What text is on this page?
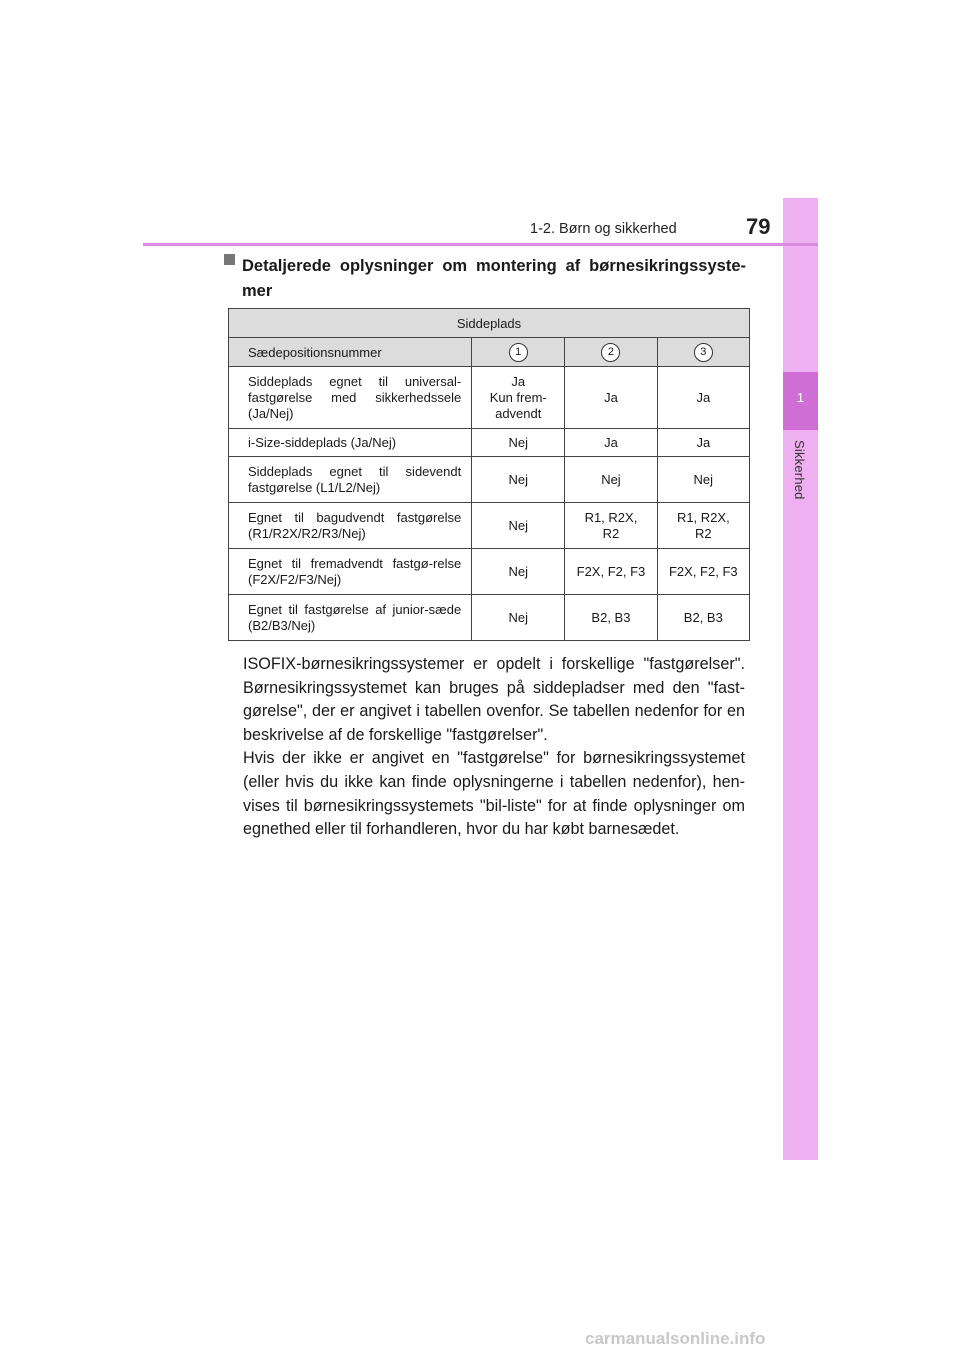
1
Sikkerhed
1-2. Børn og sikkerhed	79
Detaljerede oplysninger om montering af børnesikringssyste-
mer
Siddeplads			
Sædepositionsnummer	1	2	3
Siddeplads egnet til universal-fastgørelse med sikkerhedssele (Ja/Nej)	Ja
Kun frem-
advendt	Ja	Ja
i-Size-siddeplads (Ja/Nej)	Nej	Ja	Ja
Siddeplads egnet til sidevendt fastgørelse (L1/L2/Nej)	Nej	Nej	Nej
Egnet til bagudvendt fastgørelse (R1/R2X/R2/R3/Nej)	Nej	R1, R2X,
R2	R1, R2X,
R2
Egnet til fremadvendt fastgø-relse (F2X/F2/F3/Nej)	Nej	F2X, F2, F3	F2X, F2, F3
Egnet til fastgørelse af junior-sæde (B2/B3/Nej)	Nej	B2, B3	B2, B3

ISOFIX-børnesikringssystemer er opdelt i forskellige "fastgørelser". Børnesikringssystemet kan bruges på siddepladser med den "fast-gørelse", der er angivet i tabellen ovenfor. Se tabellen nedenfor for en beskrivelse af de forskellige "fastgørelser".

Hvis der ikke er angivet en "fastgørelse" for børnesikringssystemet (eller hvis du ikke kan finde oplysningerne i tabellen nedenfor), hen-vises til børnesikringssystemets "bil-liste" for at finde oplysninger om egnethed eller til forhandleren, hvor du har købt barnesædet.

carmanualsonline.info
